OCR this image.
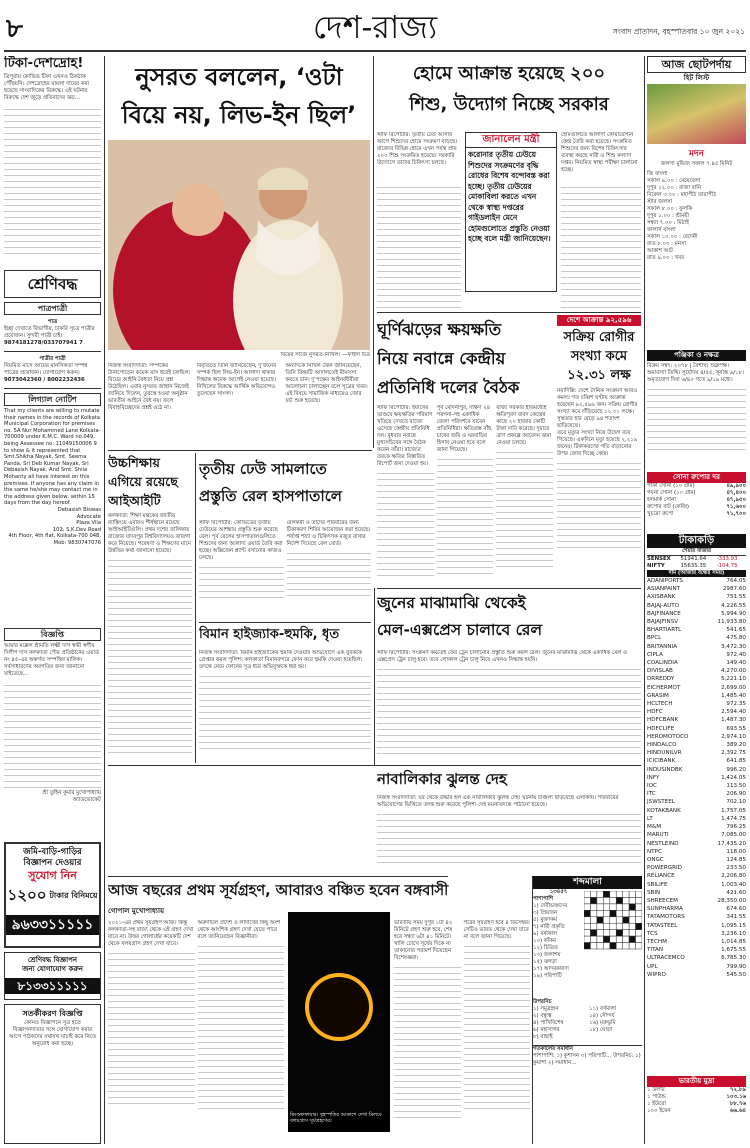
৮	দেশ-রাজ্য	সংবাদ প্রতিদিন, বৃহস্পতিবার ১০ জুন ২০২১
টিকা-দেশদ্রোহ!
ত্রিপুরায় কোভিড টিকা এখনও ঠিকঠাক পৌঁছয়নি। দেশদ্রোহের মামলা দায়ের করা হয়েছে সাংবাদিকের বিরুদ্ধে। এই ঘটনার বিরুদ্ধে দেশ জুড়ে প্রতিবাদের ঝড়…
শ্রেণিবদ্ধ
পাত্রপাত্রী
পাত্র
ইচ্ছা দেখাতে বিভাগীয়, চাকরি সূত্রে পাত্রীর প্রয়োজন। সুন্দরী পাত্রী চাই।
9874181278/033707941 7
পাত্রীর পাত্রী
নিয়মিত মাসে আয়ের মানসিকতা সম্পন্ন পাত্রের প্রয়োজন। যোগাযোগ করুন।
9073042360 / 8002232436
লিগ্যাল নোটিশ
That my clients are willing to mutate their names in the records of Kolkata Municipal Corporation for premises no. 5A Nur Mohammed Lane Kolkata-700009 under K.M.C. Ward no.049, being Assessee no: 11049150006 9 to show & it represented that Smt.Shikha Nayak, Smt. Seema Panda, Sri Deb Kumar Nayak, Sri Debasish Nayak. And Smt. Shila Mohanty all have interest on this premises. If anyone has any claim in the same he/she may contact me in the address given below, within 15 days from the day hereof.
Debasish Biswas
Advocate
Plaza Vila
102, S.K.Dev Road
4th Floor, 4th flat, Kolkata-700 048.
Mob: 9830747076
বিজ্ঞপ্তি
আমার মক্কেল শ্রীমতি লক্ষ্মী দাস স্বামী স্বর্গীয় দিলীপ দাস কলকাতা পৌর প্রতিষ্ঠানের ওয়ার্ড নং ৪৫-এর অন্তর্গত সম্পত্তির মালিক। সর্বসাধারণের অবগতির জন্য জানানো যাইতেছে…
শ্রী তুহিন কুমার মুখোপাধ্যায়
অ্যাডভোকেট
জমি-বাড়ি-গাড়ির
বিজ্ঞাপন দেওয়ার
সুযোগ নিন
১২০০ টাকার বিনিময়ে
৯৬৩৩১১১১১
শ্রেণিবদ্ধ বিজ্ঞাপন
জন্য যোগাযোগ করুন
৮১৩৩১১১১১
সতর্কীকরণ বিজ্ঞপ্তি
কোনও বিজ্ঞাপনে সূত্র হতে বিজ্ঞাপনদাতার সঙ্গে যোগাযোগ করার আগে পাঠকদের যথাযথ যাচাই করে নিতে অনুরোধ করা হচ্ছে।
নুসরত বললেন, ‘ওটা
বিয়ে নয়, লিভ-ইন ছিল’
বিয়ের সাজে নুসরত-নিখিল। —ফাইল চিত্র
নিজস্ব সংবাদদাতা: সম্পর্কের টানাপোড়েন কয়েক মাস ধরেই চলছিল। বিয়ের আইনি বৈধতা নিয়ে প্রশ্ন উঠেছিল। এবার নুসরত জাহান নিজেই জানিয়ে দিলেন, তুরস্কে হওয়া অনুষ্ঠান ভারতীয় আইনে বৈধ নয়। ফলে বিবাহবিচ্ছেদের প্রশ্নই ওঠে না।
বিবৃতিতে তিনি জানিয়েছেন, দু’জনের সম্পর্ক ছিল লিভ-ইন। আলাদা থাকার সিদ্ধান্ত অনেক আগেই নেওয়া হয়েছে। নিখিলের বিরুদ্ধে আর্থিক অভিযোগও তুলেছেন সাংসদ।
অন্যদিকে নিখিল জৈন জানিয়েছেন, তিনি বিষয়টি আদালতেই মীমাংসা করতে চান। দু’পক্ষের আইনজীবীরা আলোচনা চালাচ্ছেন বলে সূত্রের খবর। এই বিষয়ে সামাজিক মাধ্যমেও জোর চর্চা শুরু হয়েছে।
হোমে আক্রান্ত হয়েছে ২০০
শিশু, উদ্যোগ নিচ্ছে সরকার
স্টাফ রিপোর্টার: তৃতীয় ঢেউ আসার আগে শিশুদের হোমে সংক্রমণ বাড়ছে। রাজ্যের বিভিন্ন হোমে এখন পর্যন্ত প্রায় ২০০ শিশু সংক্রমিত হয়েছে। সরকারি উদ্যোগে তাদের চিকিৎসা চলছে।
জানালেন মন্ত্রী
করোনার তৃতীয় ঢেউয়ে শিশুদের সংক্রমণের বৃদ্ধি রোধের বিশেষ বন্দোবস্ত করা হচ্ছে। তৃতীয় ঢেউয়ের মোকাবিলা করতে এখন থেকে স্বাস্থ্য দপ্তরের গাইডলাইন মেনে হোমগুলোতে প্রস্তুতি নেওয়া হচ্ছে বলে মন্ত্রী জানিয়েছেন।
হোমগুলিতে আলাদা কোয়ারেন্টিন কেন্দ্র তৈরি করা হয়েছে। সংক্রমিত শিশুদের জন্য বিশেষ চিকিৎসার ব্যবস্থা করছে নারী ও শিশু কল্যাণ দপ্তর। নিয়মিত স্বাস্থ্য পরীক্ষা চালানো হচ্ছে।
ঘূর্ণিঝড়ের ক্ষয়ক্ষতি
নিয়ে নবান্নে কেন্দ্রীয়
প্রতিনিধি দলের বৈঠক
স্টাফ রিপোর্টার: ইয়াসের তাণ্ডবে ক্ষয়ক্ষতির পরিমাণ খতিয়ে দেখতে রাজ্যে এসেছে কেন্দ্রীয় প্রতিনিধি দল। বুধবার নবান্নে মুখ্যসচিবের সঙ্গে বৈঠক করেন তাঁরা। রাজ্যের তরফে ক্ষতির বিস্তারিত রিপোর্ট জমা দেওয়া হয়।
পূর্ব মেদিনীপুর, দক্ষিণ ২৪ পরগনা-সহ একাধিক জেলা পরিদর্শনে যাবেন প্রতিনিধিরা। ক্ষতিগ্রস্ত বাঁধ, চাষের জমি ও ঘরবাড়ির হিসাব নেওয়া হবে বলে জানা গিয়েছে।
রাজ্য সরকার ইতিমধ্যেই ক্ষতিপূরণ বাবদ কেন্দ্রের কাছে ২০ হাজার কোটি টাকা দাবি করেছে। দুয়ারে ত্রাণ প্রকল্পে আবেদন জমা নেওয়া চলছে।
দেশে আক্রান্ত ৯২,৫৯৬
সক্রিয় রোগীর
সংখ্যা কমে
১২.৩১ লক্ষ
নয়াদিল্লি: দেশে দৈনিক সংক্রমণ আরও কমল। গত চব্বিশ ঘণ্টায় আক্রান্ত হয়েছেন ৯২,৫৯৬ জন। সক্রিয় রোগীর সংখ্যা কমে দাঁড়িয়েছে ১২.৩১ লক্ষে। সুস্থতার হার বেড়ে ৯৪ শতাংশ ছাড়িয়েছে।
তবে মৃত্যুর সংখ্যা নিয়ে উদ্বেগ রয়ে গিয়েছে। একদিনে মৃত্যু হয়েছে ২,২১৯ জনের। টিকাকরণের গতি বাড়ানোর উপর জোর দিচ্ছে কেন্দ্র।
উচ্চশিক্ষায়
এগিয়ে রয়েছে
আইআইটি
কলকাতা: শিক্ষা মন্ত্রকের জাতীয় র‌্যাঙ্কিংয়ে এবারও শীর্ষস্থানে রয়েছে আইআইটিগুলি। প্রথম দশের তালিকায় রাজ্যের যাদবপুর বিশ্ববিদ্যালয়ও জায়গা করে নিয়েছে। গবেষণা ও শিক্ষণের মানে উন্নতির কথা জানানো হয়েছে।
তৃতীয় ঢেউ সামলাতে
প্রস্তুতি রেল হাসপাতালে
স্টাফ রিপোর্টার: কোভিডের তৃতীয় ঢেউয়ের আশঙ্কায় প্রস্তুতি শুরু করেছে রেল। পূর্ব রেলের হাসপাতালগুলিতে শিশুদের জন্য আলাদা ওয়ার্ড তৈরি করা হচ্ছে। অক্সিজেন প্ল্যান্ট বসানোর কাজও চলছে।
রেলকর্মী ও তাঁদের পরিবারের জন্য টিকাকরণ শিবির আয়োজন করা হয়েছে। পর্যাপ্ত শয্যা ও চিকিৎসক মজুত রাখার নির্দেশ দিয়েছে রেল বোর্ড।
বিমান হাইজ্যাক-হুমকি, ধৃত
নিজস্ব সংবাদদাতা: বিমান হাইজ্যাকের হুমকি দেওয়ার অভিযোগে এক যুবককে গ্রেপ্তার করল পুলিশ। কলকাতা বিমানবন্দরে ফোন করে হুমকি দেওয়া হয়েছিল। তদন্তে নেমে ফোনের সূত্র ধরে অভিযুক্তকে ধরা হয়।
জুনের মাঝামাঝি থেকেই
মেল-এক্সপ্রেস চালাবে রেল
স্টাফ রিপোর্টার: সংক্রমণ কমতেই ফের ট্রেন চালানোর প্রস্তুতি শুরু করল রেল। জুনের মাঝামাঝি থেকে একাধিক মেল ও এক্সপ্রেস ট্রেন চালু হবে। তবে লোকাল ট্রেন চালু নিয়ে এখনও সিদ্ধান্ত হয়নি।
নাবালিকার ঝুলন্ত দেহ
নিজস্ব সংবাদদাতা: ঘর থেকে উদ্ধার হল এক নাবালিকার ঝুলন্ত দেহ। ঘটনায় চাঞ্চল্য ছড়িয়েছে এলাকায়। পরিবারের অভিযোগের ভিত্তিতে তদন্ত শুরু করেছে পুলিশ। দেহ ময়নাতদন্তে পাঠানো হয়েছে।
আজ বছরের প্রথম সূর্যগ্রহণ, আবারও বঞ্চিত হবেন বঙ্গবাসী
গোপাল মুখোপাধ্যায়
২০২১-এর প্রথম সূর্যগ্রহণ আজ। কিন্তু কলকাতা-সহ রাজ্য থেকে এই গ্রহণ দেখা যাবে না। উত্তর গোলার্ধের কয়েকটি দেশ থেকে বলয়গ্রাস গ্রহণ দেখা যাবে।
অরুণাচল প্রদেশ ও লাদাখের কিছু অংশ থেকে আংশিক গ্রহণ দেখা যেতে পারে বলে জানিয়েছেন বিজ্ঞানীরা।
রিংঅফফায়ার। বৃহস্পতির আকাশে দেখা মিলবে বলয়গ্রাস সূর্যগ্রহণের।
ভারতীয় সময় দুপুর ১টা ৪২ মিনিটে গ্রহণ শুরু হবে, শেষ হবে সন্ধ্যা ৬টা ৪১ মিনিটে। খালি চোখে সূর্যের দিকে না তাকানোর পরামর্শ দিয়েছেন বিশেষজ্ঞরা।
পরের সূর্যগ্রহণ হবে ৪ ডিসেম্বর। সেটিও ভারত থেকে দেখা যাবে না বলে জানা গিয়েছে।
শব্দমালা
১৩৪৫৭
পাশাপাশি
১) দেবীভক্তদের
৩) প্রিয়জন
৫) মুক্তাকর্ম
৭) নারী প্রকৃতি
৯) বর্ষাকাল
১০) কাঁকর
১২) চিত্রিত
১৩) জলাশয়
১৫) ঝগড়া
১৭) আদবকায়দা
১৯) পরিপাটি
উপরনিচ
১) সমুদ্রস্নান
২) বন্ধুত্ব
৪) পাখিবিশেষ
৬) মহাসাগর
৮) বাছাই
১১) বর্ণমালা
১৪) সৌন্দর্য
১৬) মরুভূমি
১৮) ঘোড়া
গতকালের সমাধান
পাশাপাশি: ১) কুশাসন ৩) পরিপাটি… উপরনিচ: ১) কুয়াশা ২) সমাধান…
আজ ছোটপর্দায়
হিট লিস্ট
মদন
জলসা মুভিজ সকাল ৭.৪৫ মিনিট
জি বাংলা
সকাল ৯.০০ : মেয়েবেলা
দুপুর ১২.০০ : রাজা রানি
বিকেল ৩.০০ : মহাপীঠ তারাপীঠ
স্টার জলসা
সকাল ৮.০০ : ফুলকি
দুপুর ১.০০ : শ্রীময়ী
সন্ধ্যা ৭.০০ : মিঠাই
কালার্স বাংলা
সকাল ১০.০০ : বেদেনী
রাত ৮.০০ : মনসা
আকাশ আট
রাত ৯.০০ : খবর
পঞ্জিকা ও নক্ষত্র
বিক্রম সম্বৎ: ২০৭৮ | বৈশাখ। শুক্লপক্ষ। অমাবস্যা তিথি। সূর্যোদয় ৪/৫৫, সূর্যাস্ত ৬/১৮। অমৃতযোগ দিবা ৬/৪০ গতে ৯/১৯ মধ্যে।
সোনা রুপোর দর
পাকা সোনা (১০ গ্রাম)	৪৯,৯০০
গয়না সোনা (১০ গ্রাম)	৪৭,৪০০
হলমার্ক সোনা	৪৭,৯৫০
রুপোর বাট (কেজি)	৭১,৬০০
খুচরো রুপো	৭১,৭০০
টাকাকড়ি
শেয়ার বাজার
SENSEX	51941.64	-333.93
NIFTY	15635.35	-104.75
দাম (আজার বন্ধের সময়)
ADANIPORTS	764.05
ASIANPAINT	2987.60
AXISBANK	751.55
BAJAJ-AUTO	4,226.55
BAJFINANCE	5,994.90
BAJAJFINSV	11,933.80
BHARTIARTL	541.65
BPCL	475.80
BRITANNIA	3,472.30
CIPLA	972.40
COALINDIA	149.40
DIVISLAB	4,270.00
DRREDDY	5,221.10
EICHERMOT	2,699.00
GRASIM	1,485.40
HCLTECH	972.35
HDFC	2,594.40
HDFCBANK	1,487.30
HDFCLIFE	693.55
HEROMOTOCO	2,974.10
HINDALCO	389.20
HINDUNILVR	2,392.75
ICICIBANK	641.85
INDUSINDBK	996.20
INFY	1,424.05
IOC	113.50
ITC	206.90
JSWSTEEL	702.10
KOTAKBANK	1,757.05
LT	1,474.75
M&M	796.25
MARUTI	7,085.00
NESTLEIND	17,435.20
NTPC	118.00
ONGC	124.85
POWERGRID	233.50
RELIANCE	2,206.80
SBILIFE	1,003.40
SBIN	421.60
SHREECEM	28,350.00
SUNPHARMA	674.60
TATAMOTORS	341.55
TATASTEEL	1,095.15
TCS	3,236.10
TECHM	1,014.85
TITAN	1,675.55
ULTRACEMCO	6,785.30
UPL	799.90
WIPRO	545.50
ভারতীয় মুদ্রা
১ ডলার	৭২.৮৯
১ পাউন্ড	১০৩.১৬
১ ইউরো	৮৮.৭৬
১০০ ইয়েন	৬৬.৬৪
